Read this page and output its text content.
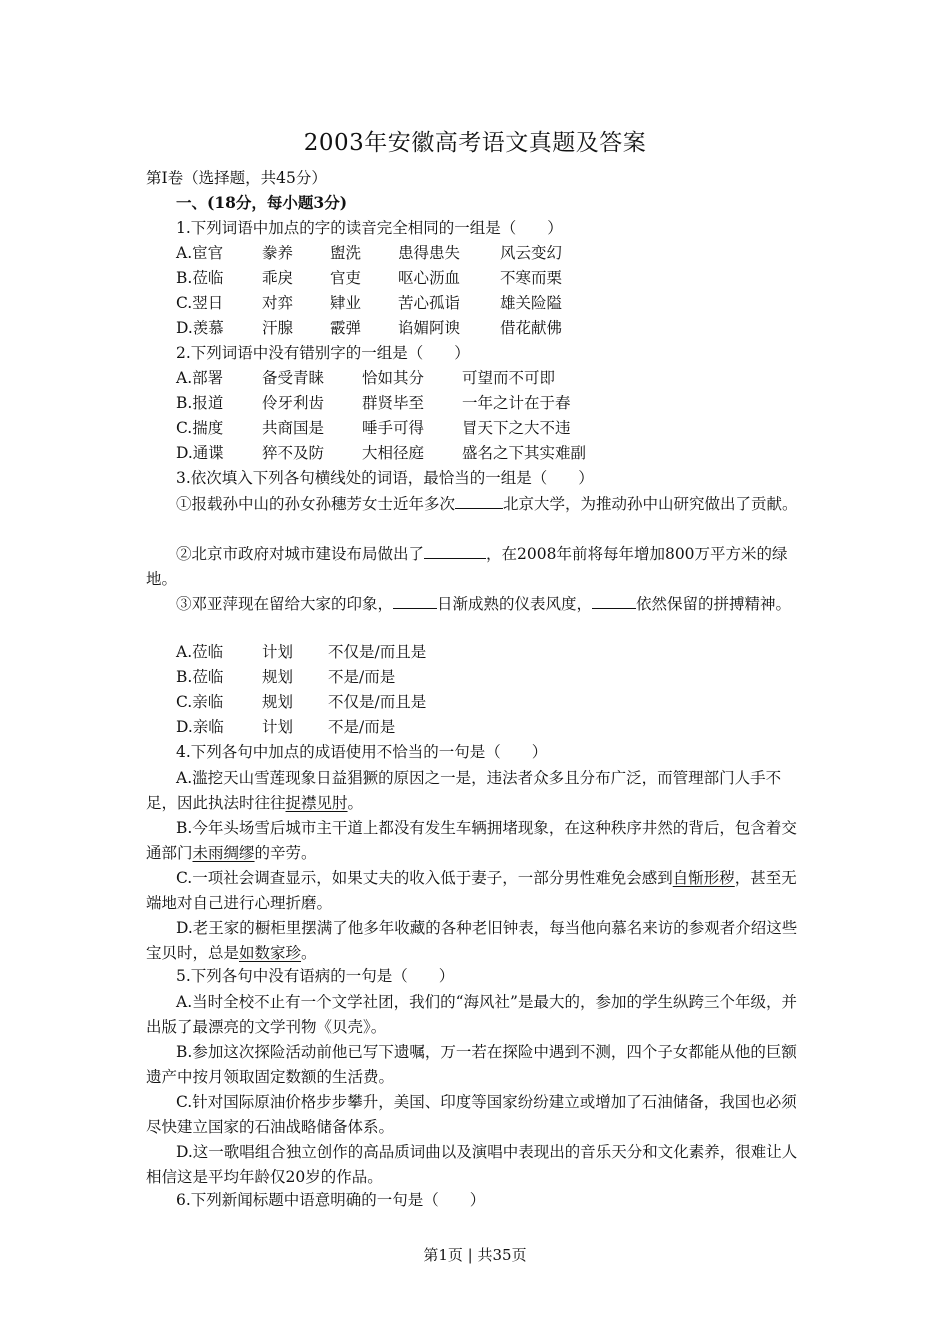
2003年安徽高考语文真题及答案
第Ⅰ卷（选择题，共45分）
一、(18分，每小题3分)
1.下列词语中加点的字的读音完全相同的一组是（　　）
A.宦官	豢养 盥洗 患得患失	风云变幻
B.莅临 乖戾 官吏 呕心沥血	不寒而栗
C.翌日	对弈 肄业 苦心孤诣	雄关险隘
D.羡慕 汗腺 霰弹 谄媚阿谀	借花献佛
2.下列词语中没有错别字的一组是（　　）
A.部署	备受青睐 恰如其分 可望而不可即
B.报道 伶牙利齿 群贤毕至 一年之计在于春
C.揣度	共商国是 唾手可得 冒天下之大不违
D.通谍 猝不及防 大相径庭 盛名之下其实难副
3.依次填入下列各句横线处的词语，最恰当的一组是（　　）
①报载孙中山的孙女孙穗芳女士近年多次	北京大学，为推动孙中山研究做出了贡献。
②北京市政府对城市建设布局做出了	，在2008年前将每年增加800万平方米的绿地。
③邓亚萍现在留给大家的印象，	日渐成熟的仪表风度，	依然保留的拼搏精神。
A.莅临	计划 不仅是/而且是
B.莅临 规划 不是/而是
C.亲临	规划 不仅是/而且是
D.亲临 计划 不是/而是
4.下列各句中加点的成语使用不恰当的一句是（　　）
A.滥挖天山雪莲现象日益猖獗的原因之一是，违法者众多且分布广泛，而管理部门人手不足，因此执法时往往捉襟见肘。
B.今年头场雪后城市主干道上都没有发生车辆拥堵现象，在这种秩序井然的背后，包含着交通部门未雨绸缪的辛劳。
C.一项社会调查显示，如果丈夫的收入低于妻子，一部分男性难免会感到自惭形秽，甚至无端地对自己进行心理折磨。
D.老王家的橱柜里摆满了他多年收藏的各种老旧钟表，每当他向慕名来访的参观者介绍这些宝贝时，总是如数家珍。
5.下列各句中没有语病的一句是（　　）
A.当时全校不止有一个文学社团，我们的“海风社”是最大的，参加的学生纵跨三个年级，并出版了最漂亮的文学刊物《贝壳》。
B.参加这次探险活动前他已写下遗嘱，万一若在探险中遇到不测，四个子女都能从他的巨额遗产中按月领取固定数额的生活费。
C.针对国际原油价格步步攀升，美国、印度等国家纷纷建立或增加了石油储备，我国也必须尽快建立国家的石油战略储备体系。
D.这一歌唱组合独立创作的高品质词曲以及演唱中表现出的音乐天分和文化素养，很难让人相信这是平均年龄仅20岁的作品。
6.下列新闻标题中语意明确的一句是（　　）
第1页 | 共35页
